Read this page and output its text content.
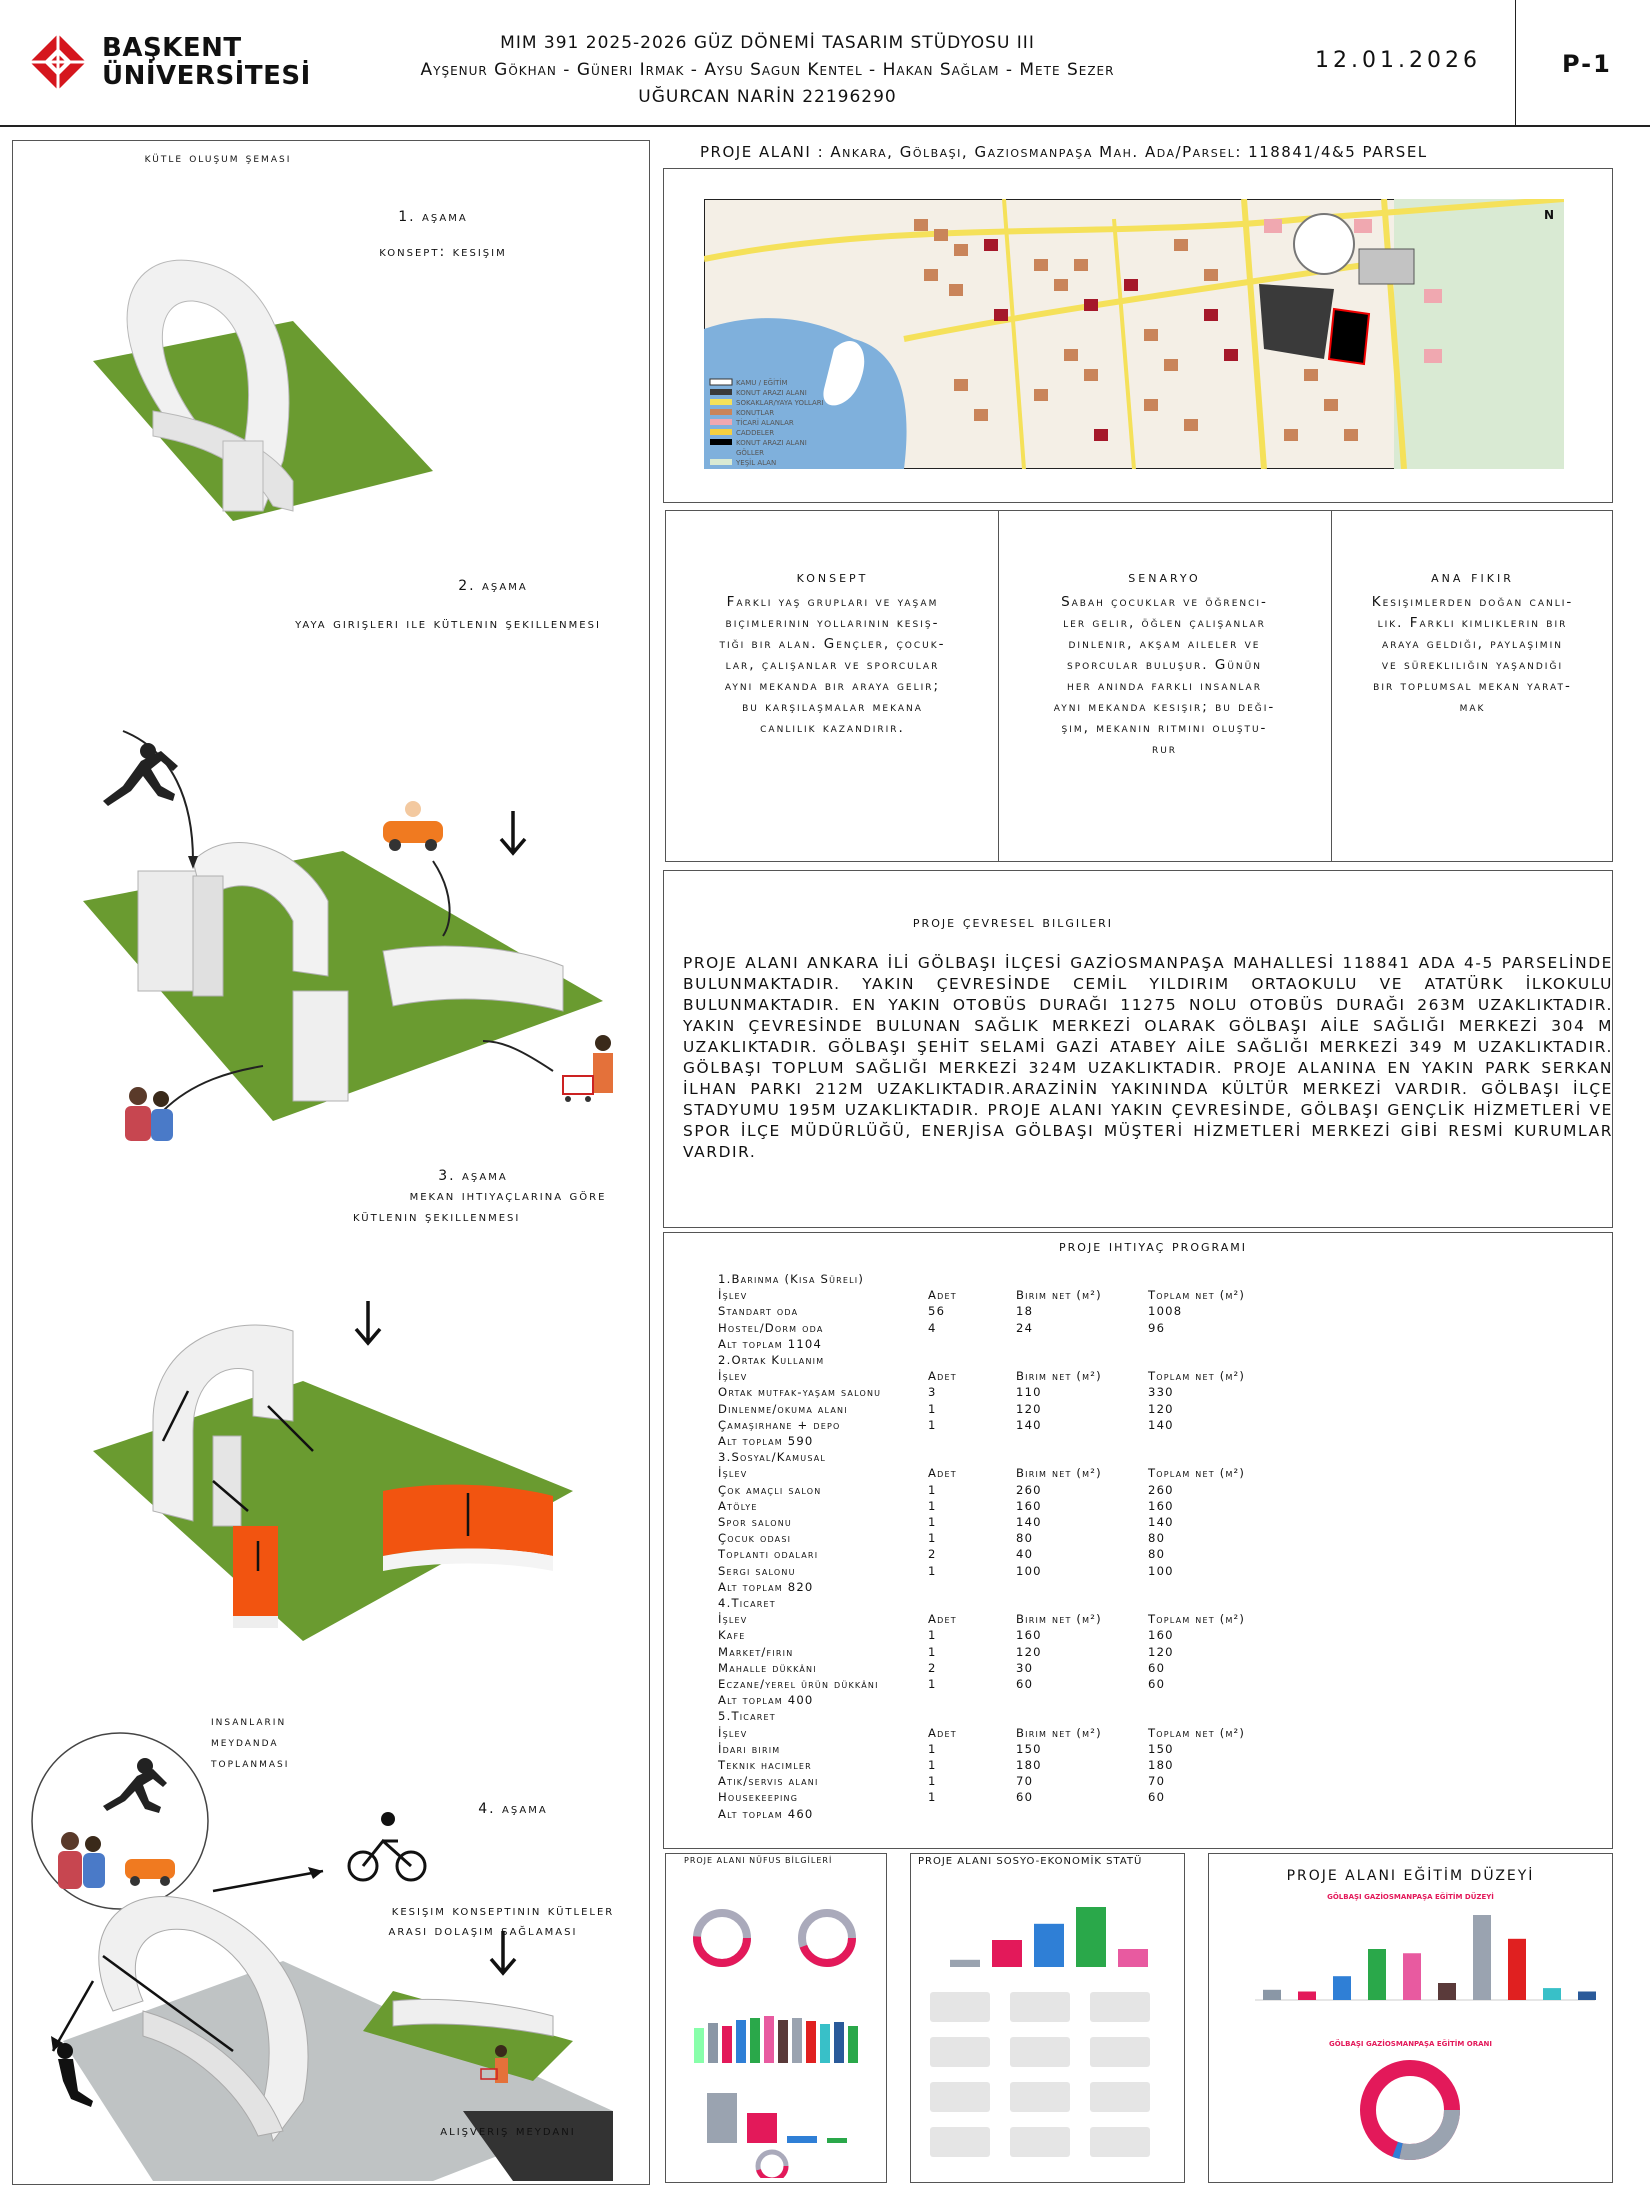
BAŞKENT
ÜNİVERSİTESİ
MIM 391 2025-2026 GÜZ DÖNEMİ TASARIM STÜDYOSU III
Ayşenur Gökhan - Güneri Irmak - Aysu Sagun Kentel - Hakan Sağlam - Mete Sezer
UĞURCAN NARİN 22196290
12.01.2026	P-1
kütle oluşum şeması
1. aşama
konsept: kesişim
2. aşama
yaya girişleri ile kütlenin şekillenmesi
3. aşama
mekan ihtiyaçlarına göre
kütlenin şekillenmesi
insanların
meydanda
toplanması
4. aşama
kesişim konseptinin kütleler
arası dolaşım sağlaması
alışveriş meydanı
PROJE ALANI : Ankara, Gölbaşı, Gaziosmanpaşa Mah. Ada/Parsel: 118841/4&5 PARSEL
KAMU / EĞİTİM
KONUT ARAZI ALANI
SOKAKLAR/YAYA YOLLARI
KONUTLAR
TİCARİ ALANLAR
CADDELER
KONUT ARAZI ALANI
GÖLLER
YEŞİL ALAN
N
konsept
Farklı yaş grupları ve yaşam
biçimlerinin yollarının kesiş-
tiği bir alan. Gençler, çocuk-
lar, çalışanlar ve sporcular
aynı mekanda bir araya gelir;
bu karşılaşmalar mekana
canlılık kazandırır.
senaryo
Sabah çocuklar ve öğrenci-
ler gelir, öğlen çalışanlar
dinlenir, akşam aileler ve
sporcular buluşur. Günün
her anında farklı insanlar
aynı mekanda kesişir; bu deği-
şim, mekanın ritmini oluştu-
rur
ana fikir
Kesişimlerden doğan canlı-
lık. Farklı kimliklerin bir
araya geldiği, paylaşımın
ve sürekliliğin yaşandığı
bir toplumsal mekan yarat-
mak
proje çevresel bilgileri
PROJE ALANI ANKARA İLİ GÖLBAŞI İLÇESİ GAZİOSMANPAŞA MAHALLESİ 118841 ADA 4-5 PARSELİNDE BULUNMAKTADIR. YAKIN ÇEVRESİNDE CEMİL YILDIRIM ORTAOKULU VE ATATÜRK İLKOKULU BULUNMAKTADIR. EN YAKIN OTOBÜS DURAĞI 11275 NOLU OTOBÜS DURAĞI 263M UZAKLIKTADIR. YAKIN ÇEVRESİNDE BULUNAN SAĞLIK MERKEZİ OLARAK GÖLBAŞI AİLE SAĞLIĞI MERKEZİ 304 M UZAKLIKTADIR. GÖLBAŞI ŞEHİT SELAMİ GAZİ ATABEY AİLE SAĞLIĞI MERKEZİ 349 M UZAKLIKTADIR. GÖLBAŞI TOPLUM SAĞLIĞI MERKEZİ 324M UZAKLIKTADIR. PROJE ALANINA EN YAKIN PARK SERKAN İLHAN PARKI 212M UZAKLIKTADIR.ARAZİNİN YAKININDA KÜLTÜR MERKEZİ VARDIR. GÖLBAŞI İLÇE STADYUMU 195M UZAKLIKTADIR. PROJE ALANI YAKIN ÇEVRESİNDE, GÖLBAŞI GENÇLİK HİZMETLERİ VE SPOR İLÇE MÜDÜRLÜĞÜ, ENERJİSA GÖLBAŞI MÜŞTERİ HİZMETLERİ MERKEZİ GİBİ RESMİ KURUMLAR VARDIR.
proje ihtiyaç programı
1.Barınma (Kısa Süreli)
İşlev	Adet	Birim net (m²)	Toplam net (m²)
Standart oda	56	18	1008
Hostel/Dorm oda	4	24	96
Alt toplam 1104
2.Ortak Kullanım
İşlev	Adet	Birim net (m²)	Toplam net (m²)
Ortak mutfak-yaşam salonu	3	110	330
Dinlenme/okuma alanı	1	120	120
Çamaşırhane + depo	1	140	140
Alt toplam 590
3.Sosyal/Kamusal
İşlev	Adet	Birim net (m²)	Toplam net (m²)
Çok amaçlı salon	1	260	260
Atölye	1	160	160
Spor salonu	1	140	140
Çocuk odası	1	80	80
Toplantı odaları	2	40	80
Sergi salonu	1	100	100
Alt toplam 820
4.Ticaret
İşlev	Adet	Birim net (m²)	Toplam net (m²)
Kafe	1	160	160
Market/fırın	1	120	120
Mahalle dükkânı	2	30	60
Eczane/yerel ürün dükkânı	1	60	60
Alt toplam 400
5.Ticaret
İşlev	Adet	Birim net (m²)	Toplam net (m²)
İdari birim	1	150	150
Teknik hacimler	1	180	180
Atık/servis alanı	1	70	70
Housekeeping	1	60	60
Alt toplam 460
PROJE ALANI NÜFUS BİLGİLERİ	PROJE ALANI SOSYO-EKONOMİK STATÜ
PROJE ALANI EĞİTİM DÜZEYİ
GÖLBAŞI GAZİOSMANPAŞA EĞİTİM DÜZEYİ
GÖLBAŞI GAZİOSMANPAŞA EĞİTİM ORANI
